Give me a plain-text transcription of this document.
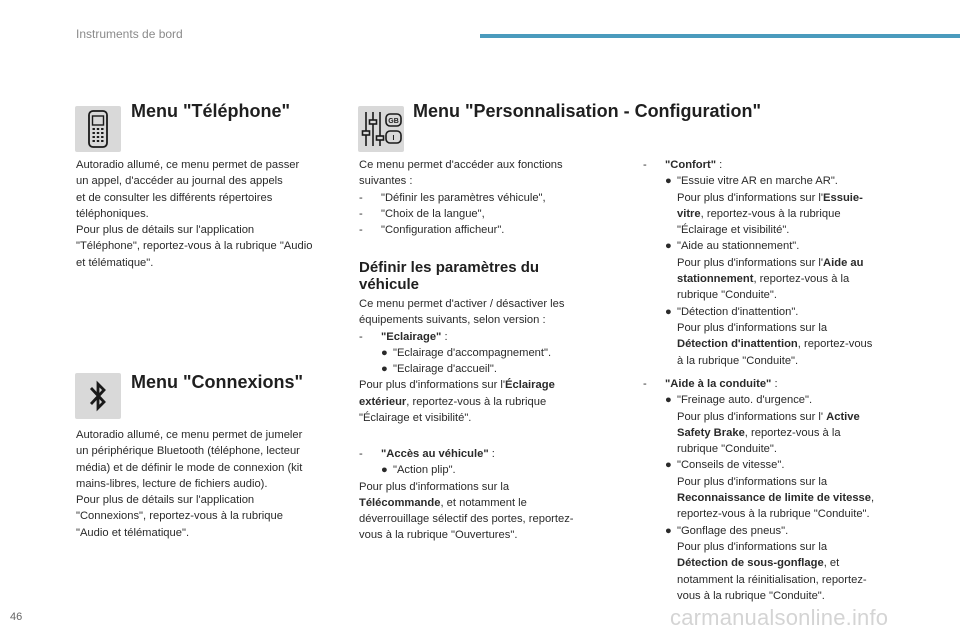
Instruments de bord
Menu "Téléphone"
Autoradio allumé, ce menu permet de passer
un appel, d'accéder au journal des appels
et de consulter les différents répertoires
téléphoniques.
Pour plus de détails sur l'application
"Téléphone", reportez-vous à la rubrique "Audio
et télématique".
Menu "Connexions"
Autoradio allumé, ce menu permet de jumeler
un périphérique Bluetooth (téléphone, lecteur
média) et de définir le mode de connexion (kit
mains-libres, lecture de fichiers audio).
Pour plus de détails sur l'application
"Connexions", reportez-vous à la rubrique
"Audio et télématique".
GB
I
Menu "Personnalisation - Configuration"
Ce menu permet d'accéder aux fonctions
suivantes :
- "Définir les paramètres véhicule",
- "Choix de la langue",
- "Configuration afficheur".
Définir les paramètres du
véhicule
Ce menu permet d'activer / désactiver les
équipements suivants, selon version :
- "Eclairage" :
● "Eclairage d'accompagnement".
● "Eclairage d'accueil".
Pour plus d'informations sur l'Éclairage
extérieur, reportez-vous à la rubrique
"Éclairage et visibilité".
- "Accès au véhicule" :
● "Action plip".
Pour plus d'informations sur la
Télécommande, et notamment le
déverrouillage sélectif des portes, reportez-
vous à la rubrique "Ouvertures".
- "Confort" :
● "Essuie vitre AR en marche AR".
Pour plus d'informations sur l'Essuie-
vitre, reportez-vous à la rubrique
"Éclairage et visibilité".
● "Aide au stationnement".
Pour plus d'informations sur l'Aide au
stationnement, reportez-vous à la
rubrique "Conduite".
● "Détection d'inattention".
Pour plus d'informations sur la
Détection d'inattention, reportez-vous
à la rubrique "Conduite".
- "Aide à la conduite" :
● "Freinage auto. d'urgence".
Pour plus d'informations sur l' Active
Safety Brake, reportez-vous à la
rubrique "Conduite".
● "Conseils de vitesse".
Pour plus d'informations sur la
Reconnaissance de limite de vitesse,
reportez-vous à la rubrique "Conduite".
● "Gonflage des pneus".
Pour plus d'informations sur la
Détection de sous-gonflage, et
notamment la réinitialisation, reportez-
vous à la rubrique "Conduite".
46	carmanualsonline.info
